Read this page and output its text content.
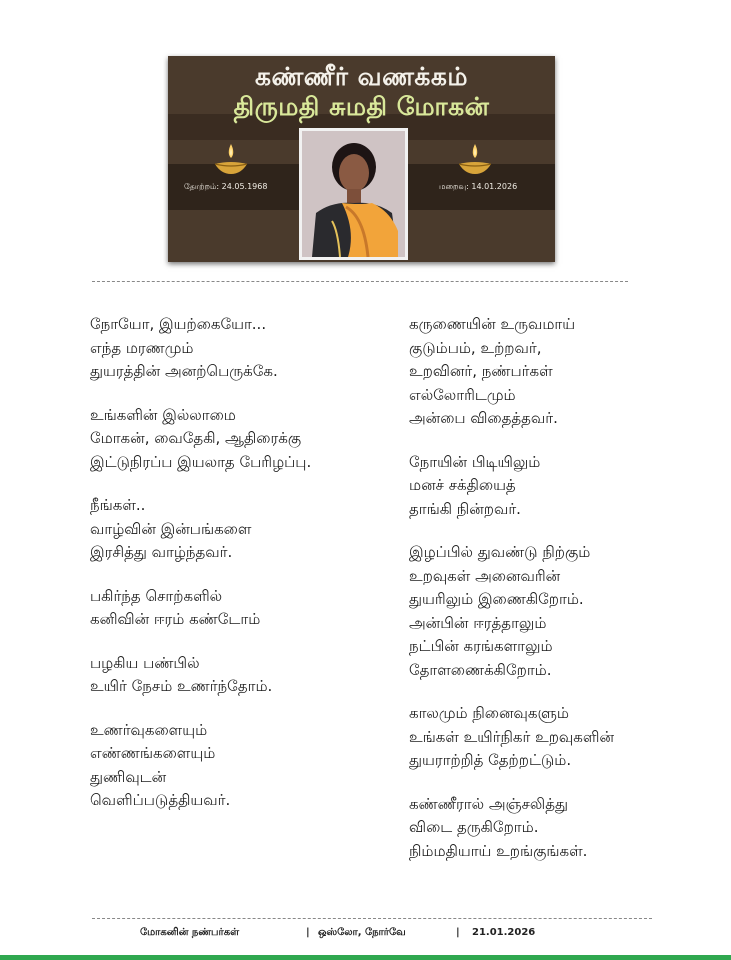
கண்ணீர் வணக்கம்
திருமதி சுமதி மோகன்
தோற்றம்: 24.05.1968	மறைவு: 14.01.2026
நோயோ, இயற்கையோ...
எந்த மரணமும்
துயரத்தின் அனற்பெருக்கே.
உங்களின் இல்லாமை
மோகன், வைதேகி, ஆதிரைக்கு
இட்டுநிரப்ப இயலாத பேரிழப்பு.
நீங்கள்..
வாழ்வின் இன்பங்களை
இரசித்து வாழ்ந்தவர்.
பகிர்ந்த சொற்களில்
கனிவின் ஈரம் கண்டோம்
பழகிய பண்பில்
உயிர் நேசம் உணர்ந்தோம்.
உணர்வுகளையும்
எண்ணங்களையும்
துணிவுடன்
வெளிப்படுத்தியவர்.
கருணையின் உருவமாய்
குடும்பம், உற்றவர்,
உறவினர், நண்பர்கள்
எல்லோரிடமும்
அன்பை விதைத்தவர்.
நோயின் பிடியிலும்
மனச் சக்தியைத்
தாங்கி நின்றவர்.
இழப்பில் துவண்டு நிற்கும்
உறவுகள் அனைவரின்
துயரிலும் இணைகிறோம்.
அன்பின் ஈரத்தாலும்
நட்பின் கரங்களாலும்
தோளணைக்கிறோம்.
காலமும் நினைவுகளும்
உங்கள் உயிர்நிகர் உறவுகளின்
துயராற்றித் தேற்றட்டும்.
கண்ணீரால் அஞ்சலித்து
விடை தருகிறோம்.
நிம்மதியாய் உறங்குங்கள்.
மோகனின் நண்பர்கள்	| ஒஸ்லோ, நோர்வே	| 21.01.2026
